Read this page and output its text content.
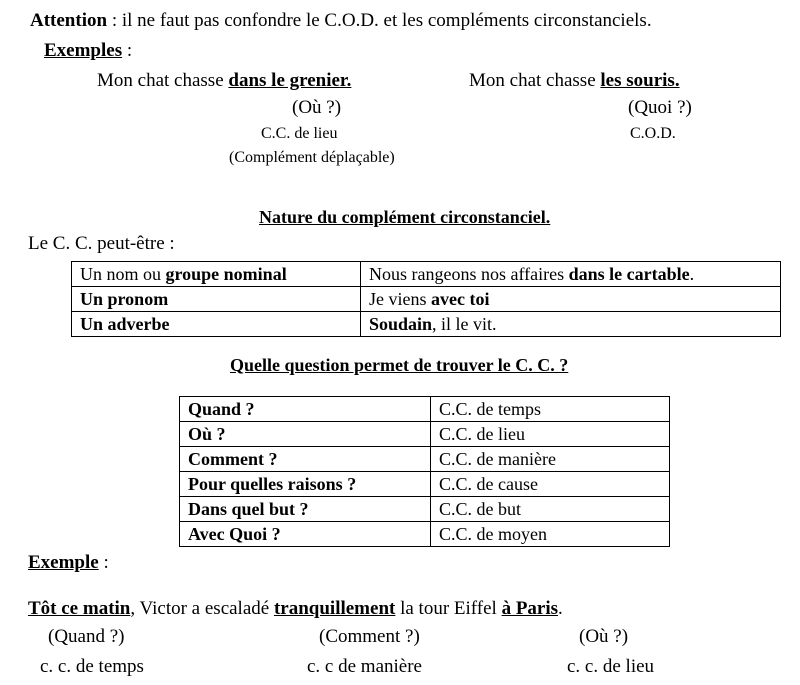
Attention : il ne faut pas confondre le C.O.D. et les compléments circonstanciels.
Exemples :
Mon chat chasse dans le grenier.
(Où ?)
C.C. de lieu
(Complément déplaçable)
Mon chat chasse les souris.
(Quoi ?)
C.O.D.
Nature du complément circonstanciel.
Le C. C. peut-être :
Un nom ou groupe nominal	Nous rangeons nos affaires dans le cartable.
Un pronom	Je viens avec toi
Un adverbe	Soudain, il le vit.
Quelle question permet de trouver le C. C. ?
Quand ?	C.C. de temps
Où ?	C.C. de lieu
Comment ?	C.C. de manière
Pour quelles raisons ?	C.C. de cause
Dans quel but ?	C.C. de but
Avec Quoi ?	C.C. de moyen
Exemple :
Tôt ce matin, Victor a escaladé tranquillement la tour Eiffel à Paris.
(Quand ?)	(Comment ?)	(Où ?)
c. c. de temps	c. c de manière	c. c. de lieu
